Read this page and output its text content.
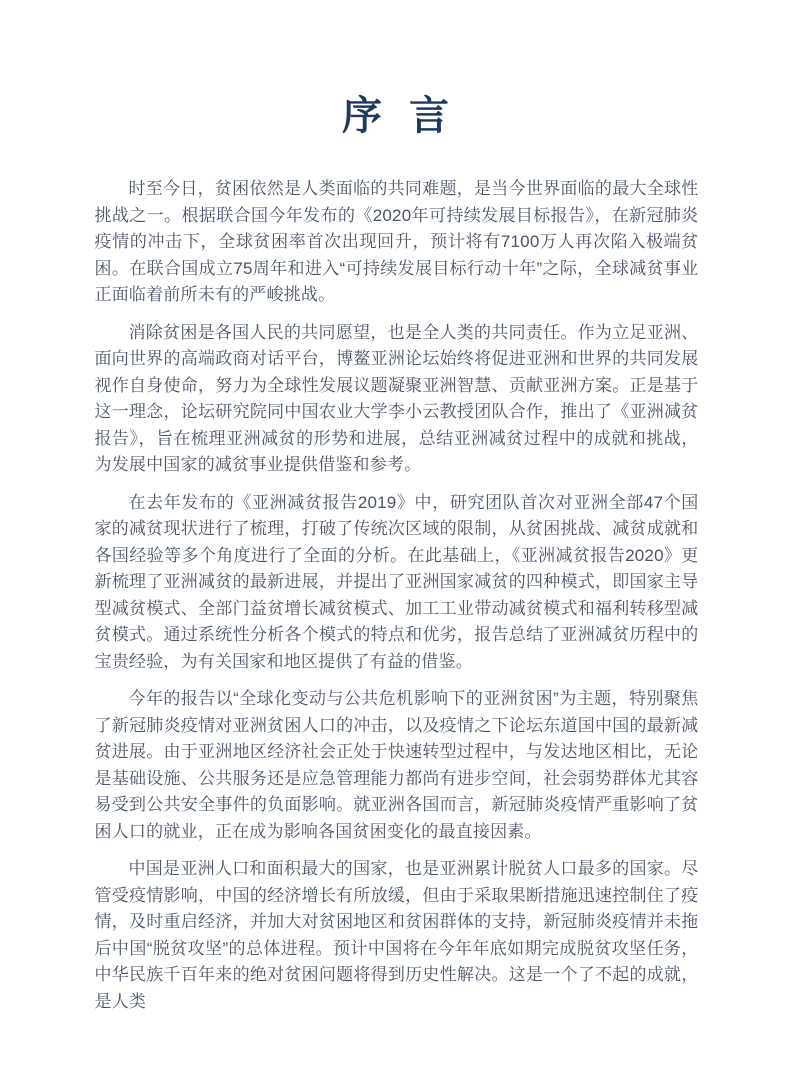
序 言

时至今日，贫困依然是人类面临的共同难题，是当今世界面临的最大全球性挑战之一。根据联合国今年发布的《2020年可持续发展目标报告》，在新冠肺炎疫情的冲击下，全球贫困率首次出现回升，预计将有7100万人再次陷入极端贫困。在联合国成立75周年和进入“可持续发展目标行动十年”之际，全球减贫事业正面临着前所未有的严峻挑战。

消除贫困是各国人民的共同愿望，也是全人类的共同责任。作为立足亚洲、面向世界的高端政商对话平台，博鳌亚洲论坛始终将促进亚洲和世界的共同发展视作自身使命，努力为全球性发展议题凝聚亚洲智慧、贡献亚洲方案。正是基于这一理念，论坛研究院同中国农业大学李小云教授团队合作，推出了《亚洲减贫报告》，旨在梳理亚洲减贫的形势和进展，总结亚洲减贫过程中的成就和挑战，为发展中国家的减贫事业提供借鉴和参考。

在去年发布的《亚洲减贫报告2019》中，研究团队首次对亚洲全部47个国家的减贫现状进行了梳理，打破了传统次区域的限制，从贫困挑战、减贫成就和各国经验等多个角度进行了全面的分析。在此基础上，《亚洲减贫报告2020》更新梳理了亚洲减贫的最新进展，并提出了亚洲国家减贫的四种模式，即国家主导型减贫模式、全部门益贫增长减贫模式、加工工业带动减贫模式和福利转移型减贫模式。通过系统性分析各个模式的特点和优劣，报告总结了亚洲减贫历程中的宝贵经验，为有关国家和地区提供了有益的借鉴。

今年的报告以“全球化变动与公共危机影响下的亚洲贫困”为主题，特别聚焦了新冠肺炎疫情对亚洲贫困人口的冲击，以及疫情之下论坛东道国中国的最新减贫进展。由于亚洲地区经济社会正处于快速转型过程中，与发达地区相比，无论是基础设施、公共服务还是应急管理能力都尚有进步空间，社会弱势群体尤其容易受到公共安全事件的负面影响。就亚洲各国而言，新冠肺炎疫情严重影响了贫困人口的就业，正在成为影响各国贫困变化的最直接因素。

中国是亚洲人口和面积最大的国家，也是亚洲累计脱贫人口最多的国家。尽管受疫情影响，中国的经济增长有所放缓，但由于采取果断措施迅速控制住了疫情，及时重启经济，并加大对贫困地区和贫困群体的支持，新冠肺炎疫情并未拖后中国“脱贫攻坚”的总体进程。预计中国将在今年年底如期完成脱贫攻坚任务，中华民族千百年来的绝对贫困问题将得到历史性解决。这是一个了不起的成就，是人类
